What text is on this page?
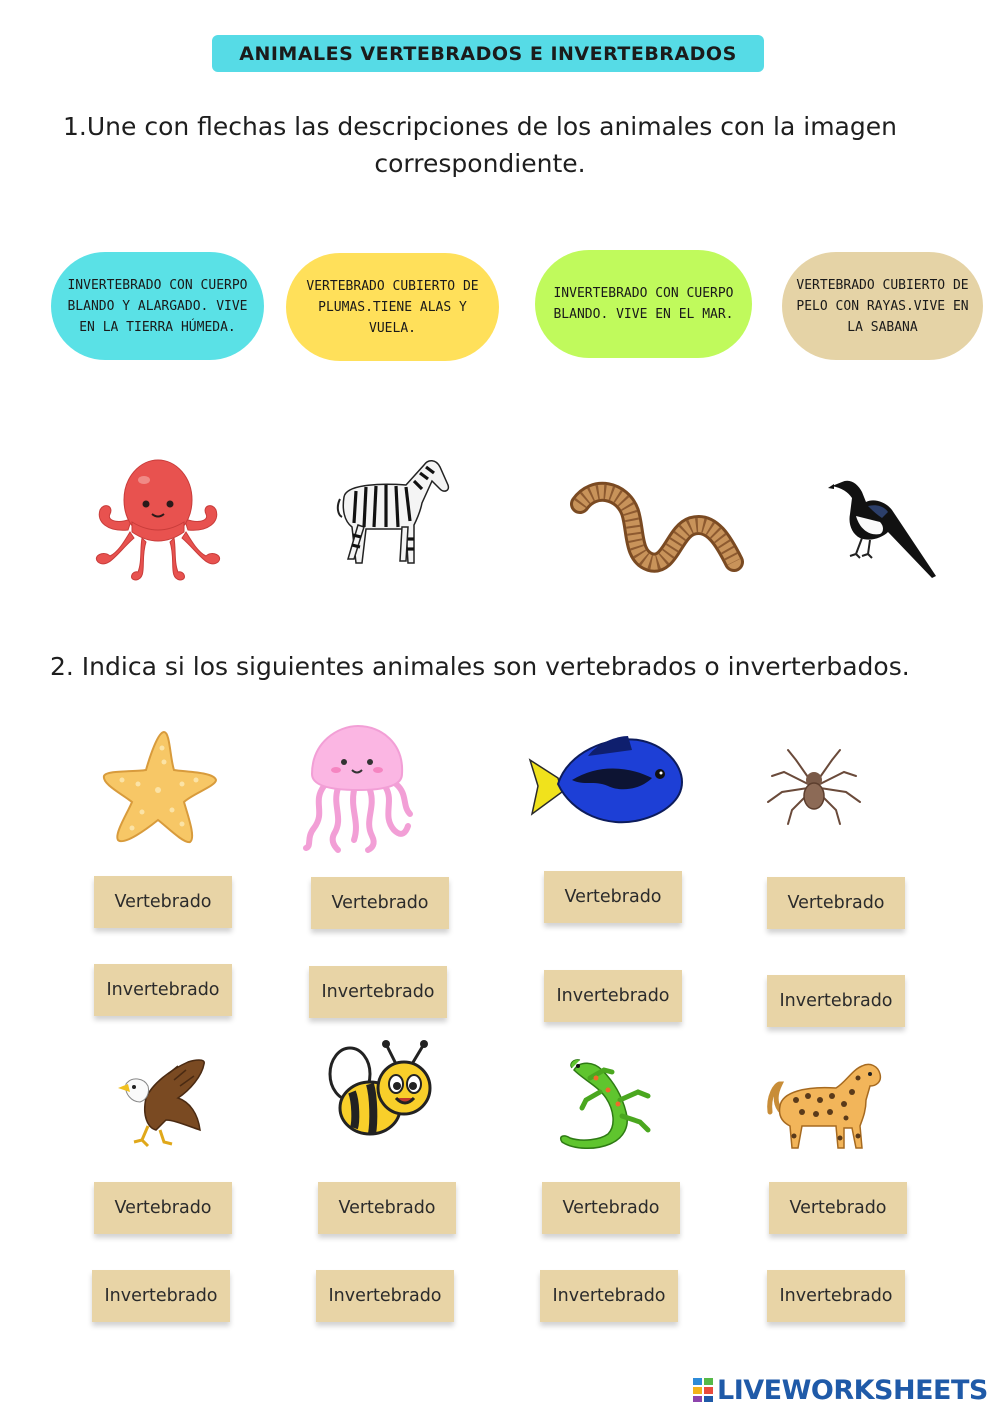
ANIMALES VERTEBRADOS E INVERTEBRADOS
1.Une con flechas las descripciones de los animales con la imagen
correspondiente.
INVERTEBRADO CON CUERPO BLANDO Y ALARGADO. VIVE EN LA TIERRA HÚMEDA.
VERTEBRADO CUBIERTO DE PLUMAS.TIENE ALAS Y VUELA.
INVERTEBRADO CON CUERPO BLANDO. VIVE EN EL MAR.
VERTEBRADO CUBIERTO DE PELO CON RAYAS.VIVE EN LA SABANA
2. Indica si los siguientes animales son vertebrados o inverterbados.
Vertebrado	Vertebrado	Vertebrado	Vertebrado
Invertebrado	Invertebrado	Invertebrado	Invertebrado
Vertebrado	Vertebrado	Vertebrado	Vertebrado
Invertebrado	Invertebrado	Invertebrado	Invertebrado
LIVEWORKSHEETS
